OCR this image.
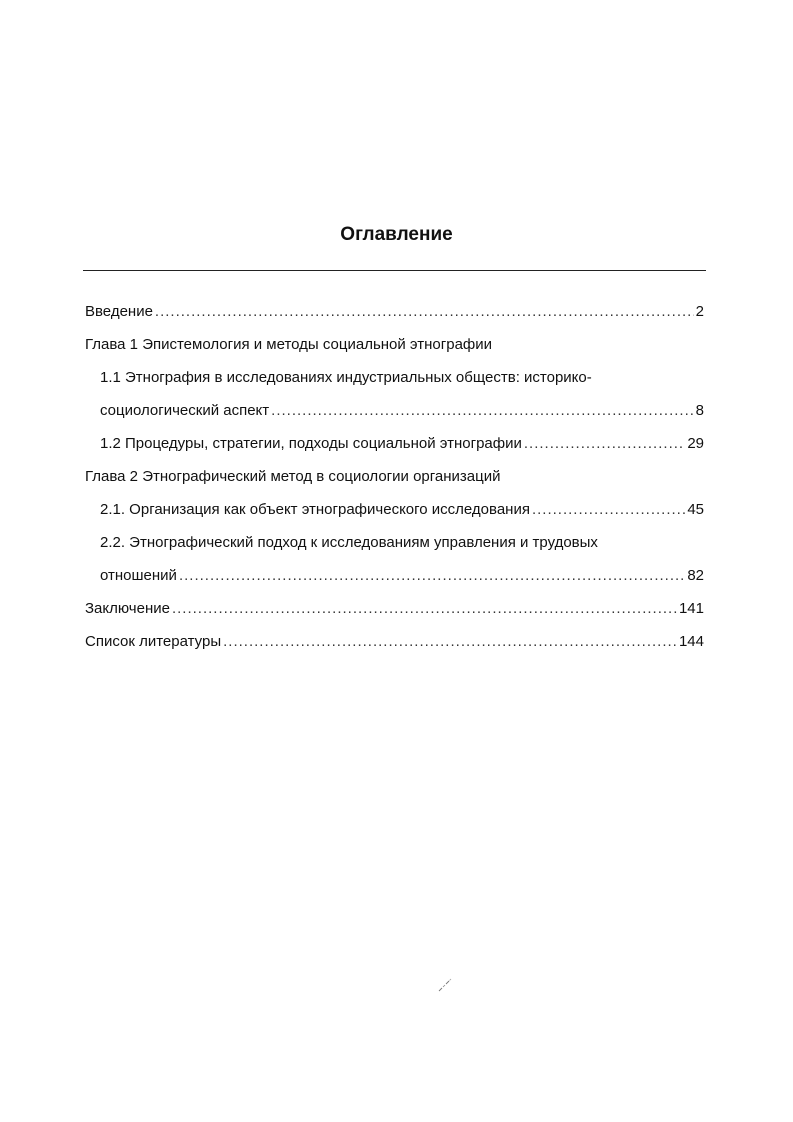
Оглавление
Введение .....	2
Глава 1 Эпистемология и методы социальной этнографии
1.1 Этнография в исследованиях индустриальных обществ: историко-
социологический аспект .....	8
1.2 Процедуры, стратегии, подходы социальной этнографии .....	29
Глава 2 Этнографический метод в социологии организаций
2.1. Организация как объект этнографического исследования .....	45
2.2. Этнографический подход к исследованиям управления и трудовых
отношений .....	82
Заключение .....	141
Список литературы .....	144
